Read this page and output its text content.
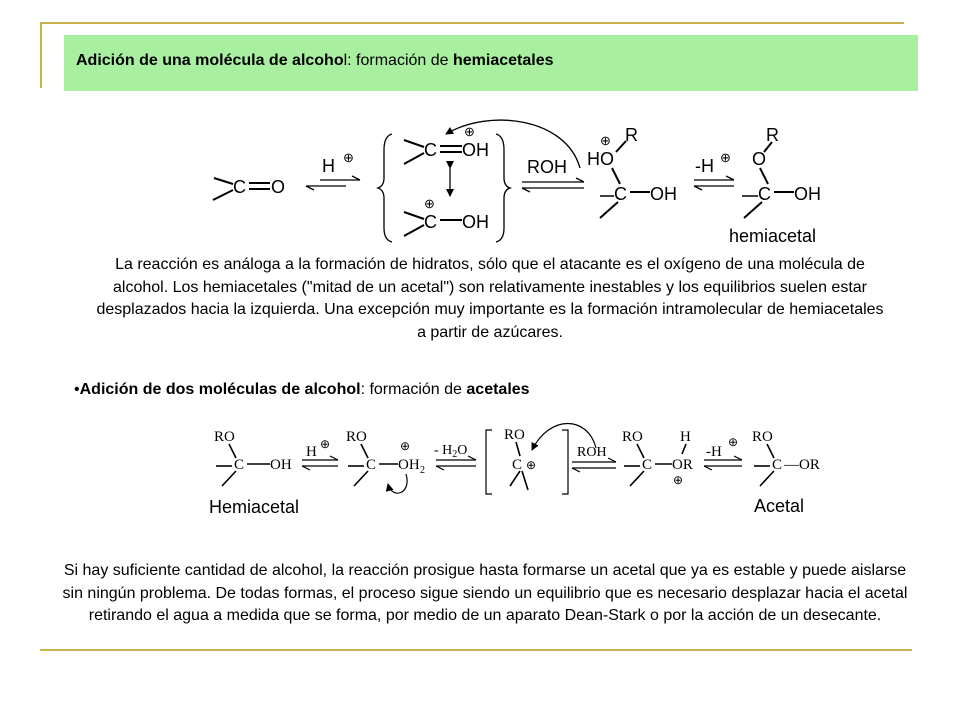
Adición de una molécula de alcohol: formación de hemiacetales
C O
H ⊕	C OH
⊕
C OH
⊕
ROH HO
R
⊕
C OH
-H ⊕ O
R
C OH
hemiacetal
RO
C OH
Hemiacetal
H ⊕ RO
C OH 2
⊕ - $H_2O$
RO
C ⊕
ROH
RO
C OR
H
⊕
-H
⊕ RO
C —OR
Acetal
La reacción es análoga a la formación de hidratos, sólo que el atacante es el oxígeno de una molécula de alcohol. Los hemiacetales ("mitad de un acetal") son relativamente inestables y los equilibrios suelen estar desplazados hacia la izquierda. Una excepción muy importante es la formación intramolecular de hemiacetales a partir de azúcares.
•Adición de dos moléculas de alcohol: formación de acetales
Si hay suficiente cantidad de alcohol, la reacción prosigue hasta formarse un acetal que ya es estable y puede aislarse sin ningún problema. De todas formas, el proceso sigue siendo un equilibrio que es necesario desplazar hacia el acetal retirando el agua a medida que se forma, por medio de un aparato Dean-Stark o por la acción de un desecante.
